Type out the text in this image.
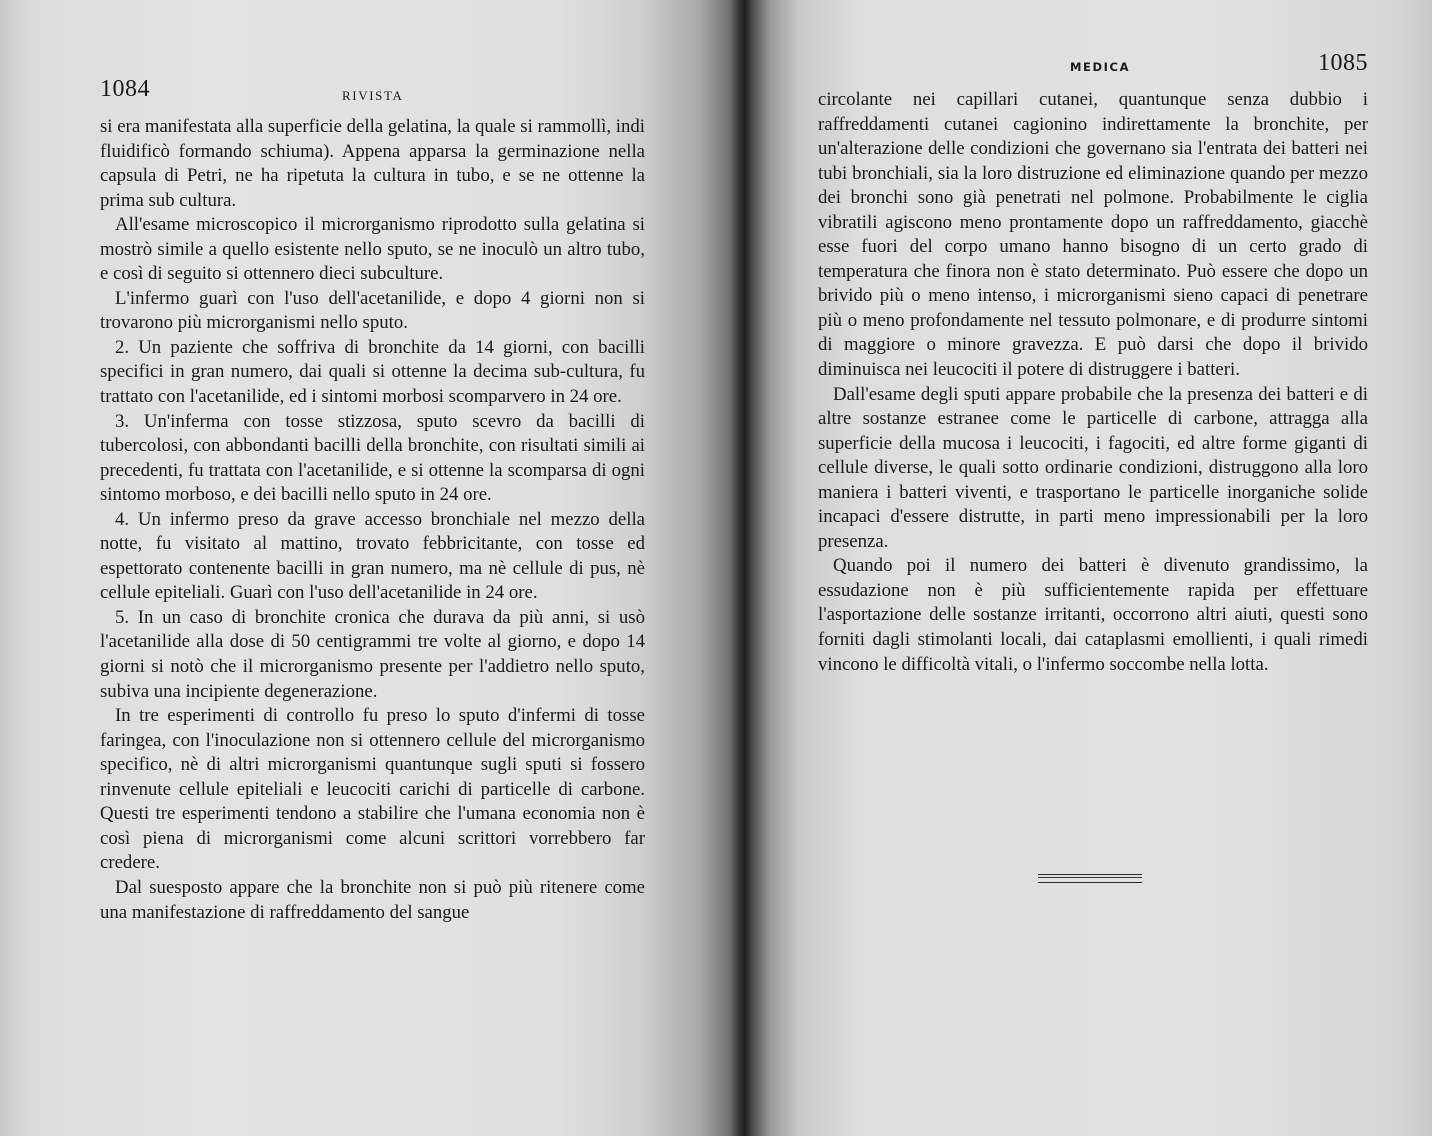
1084	RIVISTA

si era manifestata alla superficie della gelatina, la quale si rammollì, indi fluidificò formando schiuma). Appena apparsa la germinazione nella capsula di Petri, ne ha ripetuta la cultura in tubo, e se ne ottenne la prima sub cultura.

All'esame microscopico il microrganismo riprodotto sulla gelatina si mostrò simile a quello esistente nello sputo, se ne inoculò un altro tubo, e così di seguito si ottennero dieci subculture.

L'infermo guarì con l'uso dell'acetanilide, e dopo 4 giorni non si trovarono più microrganismi nello sputo.

2. Un paziente che soffriva di bronchite da 14 giorni, con bacilli specifici in gran numero, dai quali si ottenne la decima sub-cultura, fu trattato con l'acetanilide, ed i sintomi morbosi scomparvero in 24 ore.

3. Un'inferma con tosse stizzosa, sputo scevro da bacilli di tubercolosi, con abbondanti bacilli della bronchite, con risultati simili ai precedenti, fu trattata con l'acetanilide, e si ottenne la scomparsa di ogni sintomo morboso, e dei bacilli nello sputo in 24 ore.

4. Un infermo preso da grave accesso bronchiale nel mezzo della notte, fu visitato al mattino, trovato febbricitante, con tosse ed espettorato contenente bacilli in gran numero, ma nè cellule di pus, nè cellule epiteliali. Guarì con l'uso dell'acetanilide in 24 ore.

5. In un caso di bronchite cronica che durava da più anni, si usò l'acetanilide alla dose di 50 centigrammi tre volte al giorno, e dopo 14 giorni si notò che il microrganismo presente per l'addietro nello sputo, subiva una incipiente degenerazione.

In tre esperimenti di controllo fu preso lo sputo d'infermi di tosse faringea, con l'inoculazione non si ottennero cellule del microrganismo specifico, nè di altri microrganismi quantunque sugli sputi si fossero rinvenute cellule epiteliali e leucociti carichi di particelle di carbone. Questi tre esperimenti tendono a stabilire che l'umana economia non è così piena di microrganismi come alcuni scrittori vorrebbero far credere.

Dal suesposto appare che la bronchite non si può più ritenere come una manifestazione di raffreddamento del sangue

MEDICA	1085

circolante nei capillari cutanei, quantunque senza dubbio i raffreddamenti cutanei cagionino indirettamente la bronchite, per un'alterazione delle condizioni che governano sia l'entrata dei batteri nei tubi bronchiali, sia la loro distruzione ed eliminazione quando per mezzo dei bronchi sono già penetrati nel polmone. Probabilmente le ciglia vibratili agiscono meno prontamente dopo un raffreddamento, giacchè esse fuori del corpo umano hanno bisogno di un certo grado di temperatura che finora non è stato determinato. Può essere che dopo un brivido più o meno intenso, i microrganismi sieno capaci di penetrare più o meno profondamente nel tessuto polmonare, e di produrre sintomi di maggiore o minore gravezza. E può darsi che dopo il brivido diminuisca nei leucociti il potere di distruggere i batteri.

Dall'esame degli sputi appare probabile che la presenza dei batteri e di altre sostanze estranee come le particelle di carbone, attragga alla superficie della mucosa i leucociti, i fagociti, ed altre forme giganti di cellule diverse, le quali sotto ordinarie condizioni, distruggono alla loro maniera i batteri viventi, e trasportano le particelle inorganiche solide incapaci d'essere distrutte, in parti meno impressionabili per la loro presenza.

Quando poi il numero dei batteri è divenuto grandissimo, la essudazione non è più sufficientemente rapida per effettuare l'asportazione delle sostanze irritanti, occorrono altri aiuti, questi sono forniti dagli stimolanti locali, dai cataplasmi emollienti, i quali rimedi vincono le difficoltà vitali, o l'infermo soccombe nella lotta.
